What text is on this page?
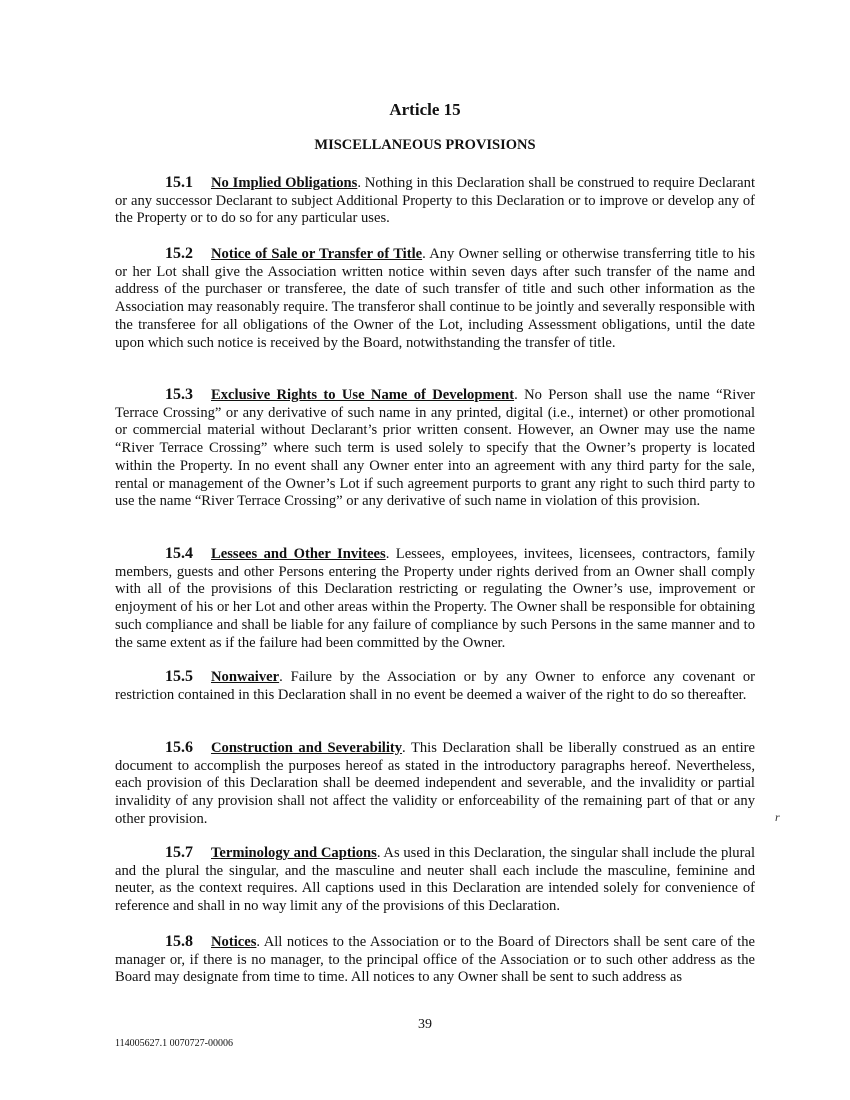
Article 15
MISCELLANEOUS PROVISIONS

15.1 No Implied Obligations. Nothing in this Declaration shall be construed to require Declarant or any successor Declarant to subject Additional Property to this Declaration or to improve or develop any of the Property or to do so for any particular uses.

15.2 Notice of Sale or Transfer of Title. Any Owner selling or otherwise transferring title to his or her Lot shall give the Association written notice within seven days after such transfer of the name and address of the purchaser or transferee, the date of such transfer of title and such other information as the Association may reasonably require. The transferor shall continue to be jointly and severally responsible with the transferee for all obligations of the Owner of the Lot, including Assessment obligations, until the date upon which such notice is received by the Board, notwithstanding the transfer of title.

15.3 Exclusive Rights to Use Name of Development. No Person shall use the name “River Terrace Crossing” or any derivative of such name in any printed, digital (i.e., internet) or other promotional or commercial material without Declarant’s prior written consent. However, an Owner may use the name “River Terrace Crossing” where such term is used solely to specify that the Owner’s property is located within the Property. In no event shall any Owner enter into an agreement with any third party for the sale, rental or management of the Owner’s Lot if such agreement purports to grant any right to such third party to use the name “River Terrace Crossing” or any derivative of such name in violation of this provision.

15.4 Lessees and Other Invitees. Lessees, employees, invitees, licensees, contractors, family members, guests and other Persons entering the Property under rights derived from an Owner shall comply with all of the provisions of this Declaration restricting or regulating the Owner’s use, improvement or enjoyment of his or her Lot and other areas within the Property. The Owner shall be responsible for obtaining such compliance and shall be liable for any failure of compliance by such Persons in the same manner and to the same extent as if the failure had been committed by the Owner.

15.5 Nonwaiver. Failure by the Association or by any Owner to enforce any covenant or restriction contained in this Declaration shall in no event be deemed a waiver of the right to do so thereafter.

15.6 Construction and Severability. This Declaration shall be liberally construed as an entire document to accomplish the purposes hereof as stated in the introductory paragraphs hereof. Nevertheless, each provision of this Declaration shall be deemed independent and severable, and the invalidity or partial invalidity of any provision shall not affect the validity or enforceability of the remaining part of that or any other provision.	r

15.7 Terminology and Captions. As used in this Declaration, the singular shall include the plural and the plural the singular, and the masculine and neuter shall each include the masculine, feminine and neuter, as the context requires. All captions used in this Declaration are intended solely for convenience of reference and shall in no way limit any of the provisions of this Declaration.

15.8 Notices. All notices to the Association or to the Board of Directors shall be sent care of the manager or, if there is no manager, to the principal office of the Association or to such other address as the Board may designate from time to time. All notices to any Owner shall be sent to such address as

39
114005627.1 0070727-00006
